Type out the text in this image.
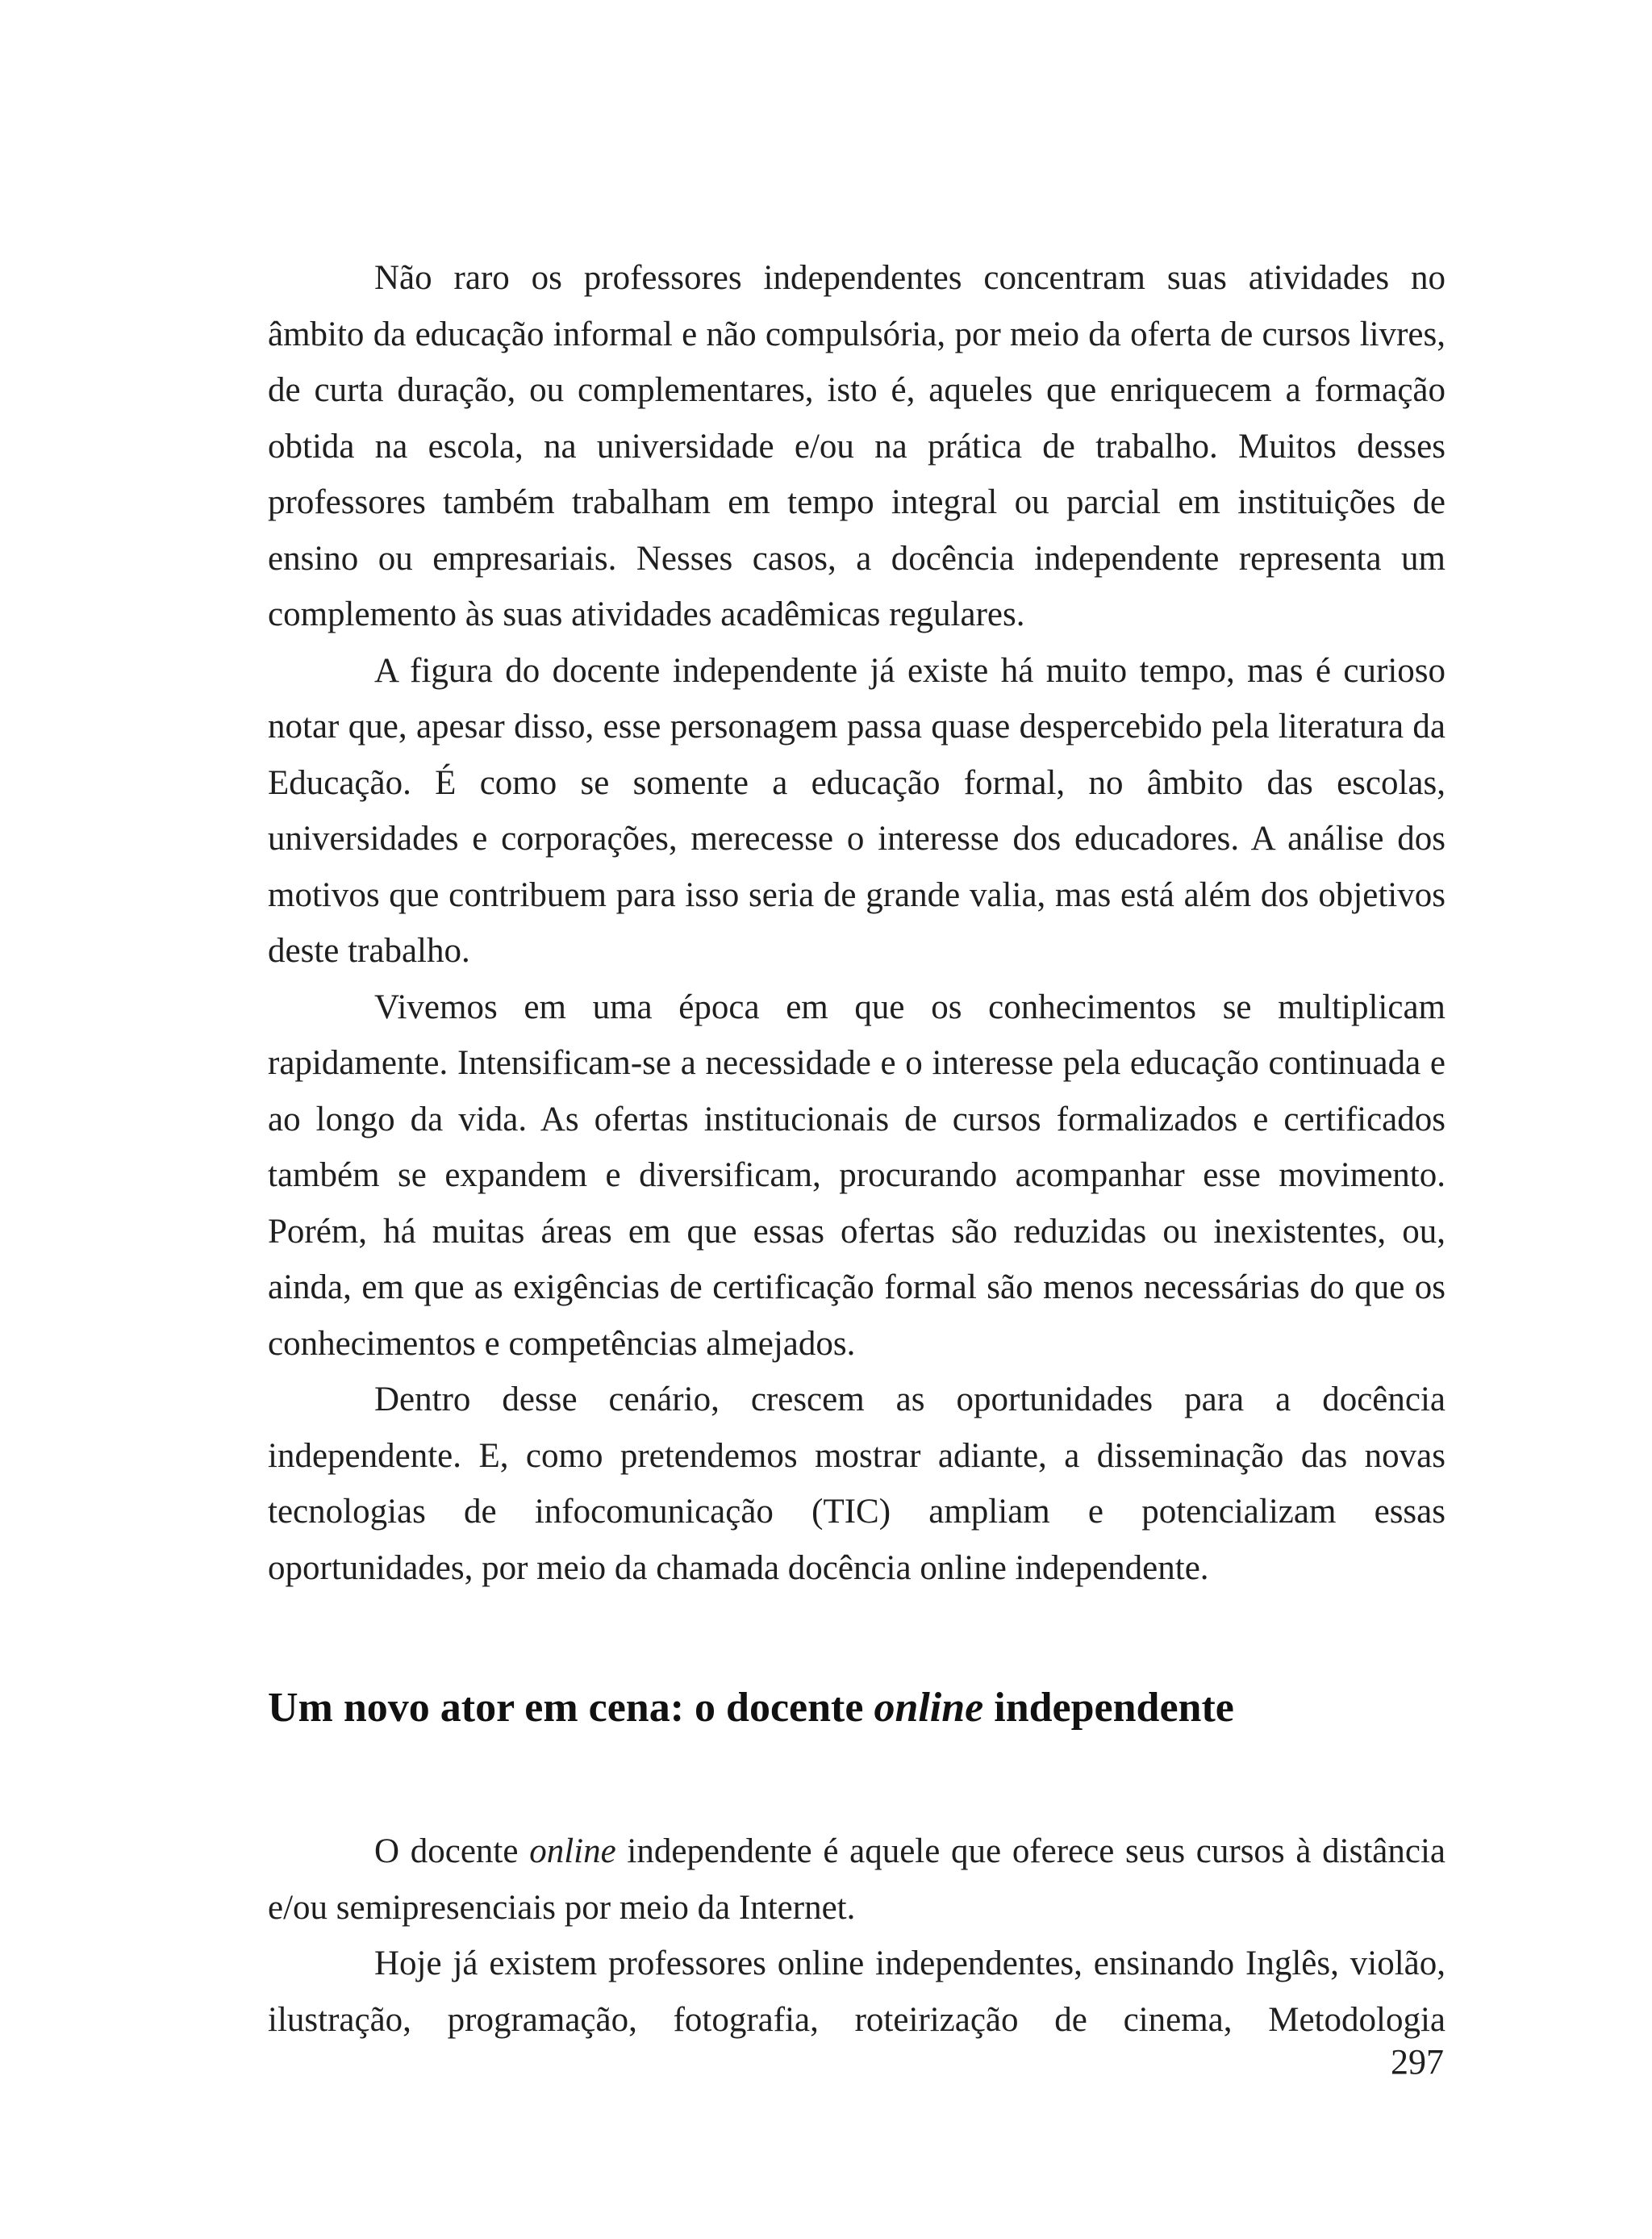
Não raro os professores independentes concentram suas atividades no âmbito da educação informal e não compulsória, por meio da oferta de cursos livres, de curta duração, ou complementares, isto é, aqueles que enriquecem a formação obtida na escola, na universidade e/ou na prática de trabalho. Muitos desses professores também trabalham em tempo integral ou parcial em instituições de ensino ou empresariais. Nesses casos, a docência independente representa um complemento às suas atividades acadêmicas regulares.

A figura do docente independente já existe há muito tempo, mas é curioso notar que, apesar disso, esse personagem passa quase despercebido pela literatura da Educação. É como se somente a educação formal, no âmbito das escolas, universidades e corporações, merecesse o interesse dos educadores. A análise dos motivos que contribuem para isso seria de grande valia, mas está além dos objetivos deste trabalho.

Vivemos em uma época em que os conhecimentos se multiplicam rapidamente. Intensificam-se a necessidade e o interesse pela educação continuada e ao longo da vida. As ofertas institucionais de cursos formalizados e certificados também se expandem e diversificam, procurando acompanhar esse movimento. Porém, há muitas áreas em que essas ofertas são reduzidas ou inexistentes, ou, ainda, em que as exigências de certificação formal são menos necessárias do que os conhecimentos e competências almejados.

Dentro desse cenário, crescem as oportunidades para a docência independente. E, como pretendemos mostrar adiante, a disseminação das novas tecnologias de infocomunicação (TIC) ampliam e potencializam essas oportunidades, por meio da chamada docência online independente.

Um novo ator em cena: o docente online independente

O docente online independente é aquele que oferece seus cursos à distância e/ou semipresenciais por meio da Internet.

Hoje já existem professores online independentes, ensinando Inglês, violão, ilustração, programação, fotografia, roteirização de cinema, Metodologia

297
